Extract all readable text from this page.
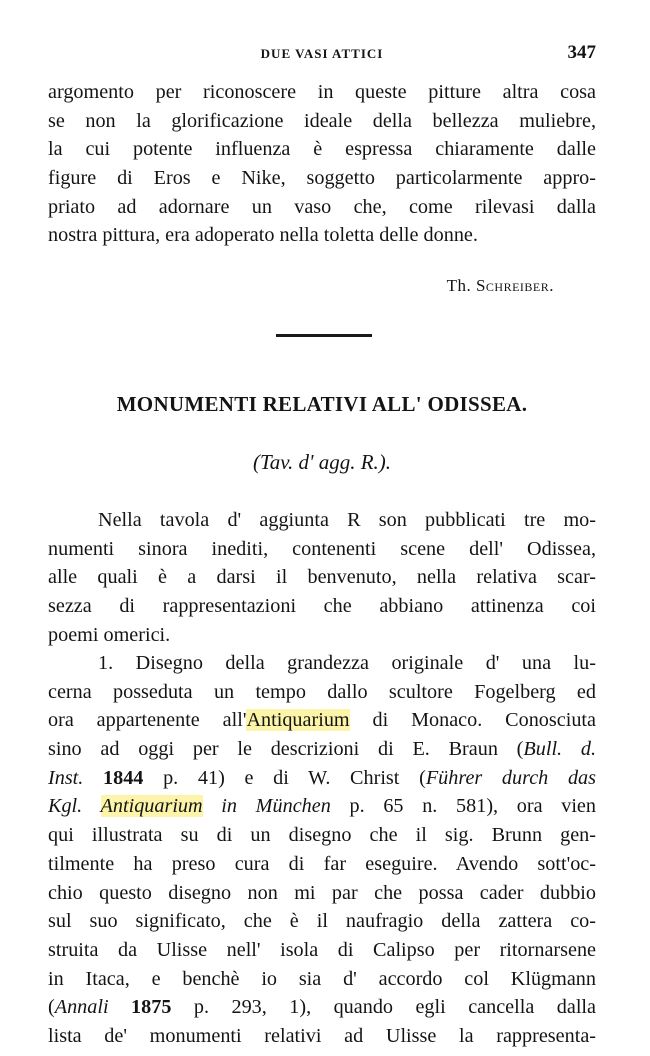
DUE VASI ATTICI	347
argomento per riconoscere in queste pitture altra cosa
se non la glorificazione ideale della bellezza muliebre,
la cui potente influenza è espressa chiaramente dalle
figure di Eros e Nike, soggetto particolarmente appro-
priato ad adornare un vaso che, come rilevasi dalla
nostra pittura, era adoperato nella toletta delle donne.
Th. Schreiber.
MONUMENTI RELATIVI ALL' ODISSEA.
(Tav. d' agg. R.).
Nella tavola d' aggiunta R son pubblicati tre mo-
numenti sinora inediti, contenenti scene dell' Odissea,
alle quali è a darsi il benvenuto, nella relativa scar-
sezza di rappresentazioni che abbiano attinenza coi
poemi omerici.
1. Disegno della grandezza originale d' una lu-
cerna posseduta un tempo dallo scultore Fogelberg ed
ora appartenente all'Antiquarium di Monaco. Conosciuta
sino ad oggi per le descrizioni di E. Braun (Bull. d.
Inst. 1844 p. 41) e di W. Christ (Führer durch das
Kgl. Antiquarium in München p. 65 n. 581), ora vien
qui illustrata su di un disegno che il sig. Brunn gen-
tilmente ha preso cura di far eseguire. Avendo sott'oc-
chio questo disegno non mi par che possa cader dubbio
sul suo significato, che è il naufragio della zattera co-
struita da Ulisse nell' isola di Calipso per ritornarsene
in Itaca, e benchè io sia d' accordo col Klügmann
(Annali 1875 p. 293, 1), quando egli cancella dalla
lista de' monumenti relativi ad Ulisse la rappresenta-
